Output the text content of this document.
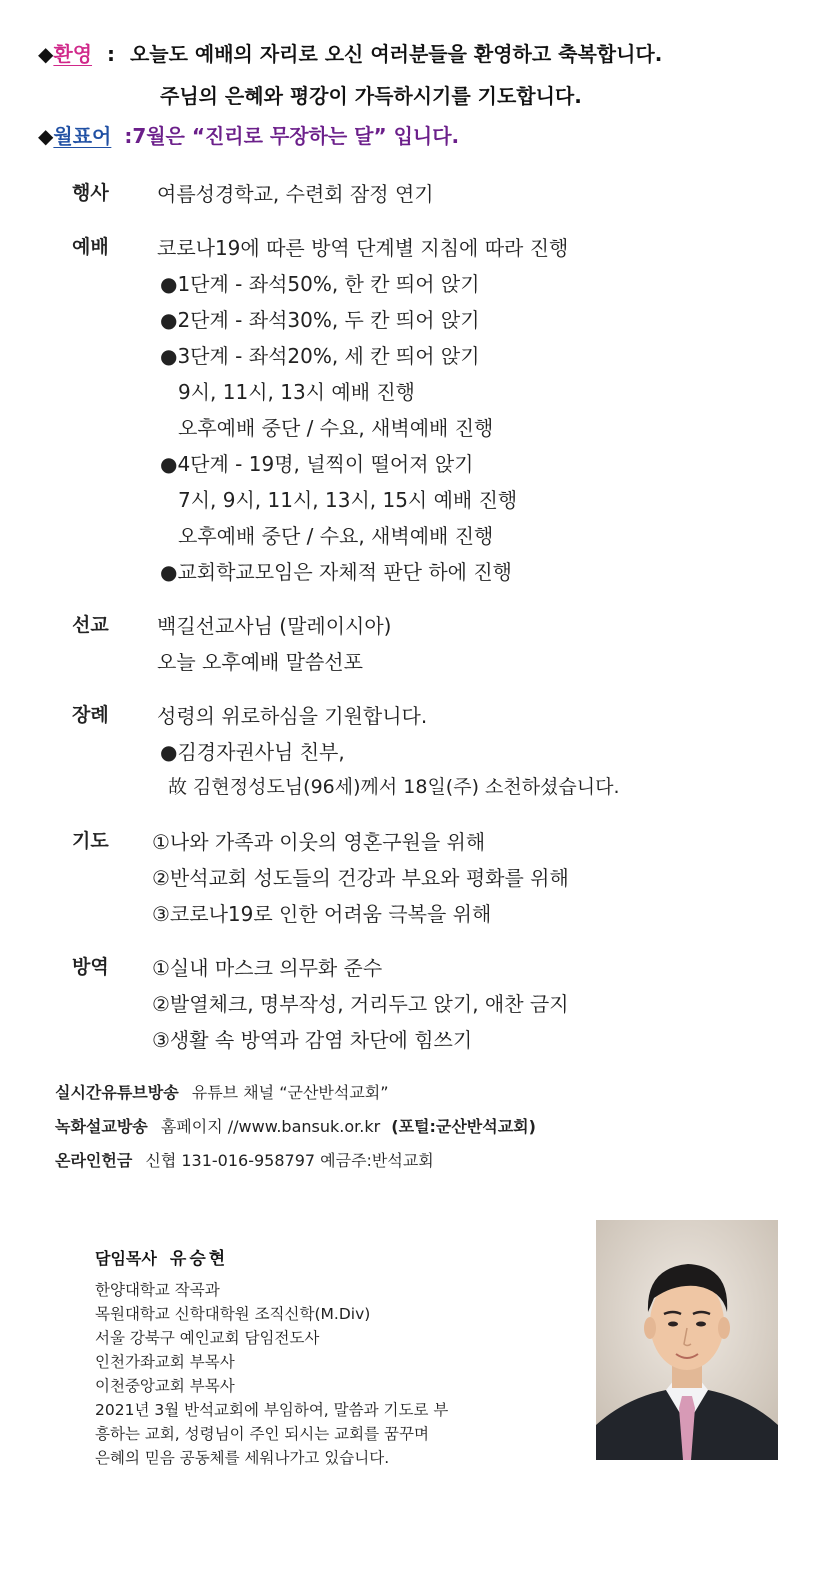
◆환영 : 오늘도 예배의 자리로 오신 여러분들을 환영하고 축복합니다.
주님의 은혜와 평강이 가득하시기를 기도합니다.
◆월표어 :7월은 “진리로 무장하는 달” 입니다.
행사 여름성경학교, 수련회 잠정 연기
예배 코로나19에 따른 방역 단계별 지침에 따라 진행
●1단계 - 좌석50%, 한 칸 띄어 앉기
●2단계 - 좌석30%, 두 칸 띄어 앉기
●3단계 - 좌석20%, 세 칸 띄어 앉기
9시, 11시, 13시 예배 진행
오후예배 중단 / 수요, 새벽예배 진행
●4단계 - 19명, 널찍이 떨어져 앉기
7시, 9시, 11시, 13시, 15시 예배 진행
오후예배 중단 / 수요, 새벽예배 진행
●교회학교모임은 자체적 판단 하에 진행
선교 백길선교사님 (말레이시아)
오늘 오후예배 말씀선포
장례 성령의 위로하심을 기원합니다.
●김경자권사님 친부,
故 김현정성도님(96세)께서 18일(주) 소천하셨습니다.
기도 ①나와 가족과 이웃의 영혼구원을 위해
②반석교회 성도들의 건강과 부요와 평화를 위해
③코로나19로 인한 어려움 극복을 위해
방역 ①실내 마스크 의무화 준수
②발열체크, 명부작성, 거리두고 앉기, 애찬 금지
③생활 속 방역과 감염 차단에 힘쓰기
실시간유튜브방송 유튜브 채널 “군산반석교회”
녹화설교방송 홈페이지 //www.bansuk.or.kr (포털:군산반석교회)
온라인헌금 신협 131-016-958797 예금주:반석교회
담임목사 유승현
한양대학교 작곡과
목원대학교 신학대학원 조직신학(M.Div)
서울 강북구 예인교회 담임전도사
인천가좌교회 부목사
이천중앙교회 부목사
2021년 3월 반석교회에 부임하여, 말씀과 기도로 부
흥하는 교회, 성령님이 주인 되시는 교회를 꿈꾸며
은혜의 믿음 공동체를 세워나가고 있습니다.
